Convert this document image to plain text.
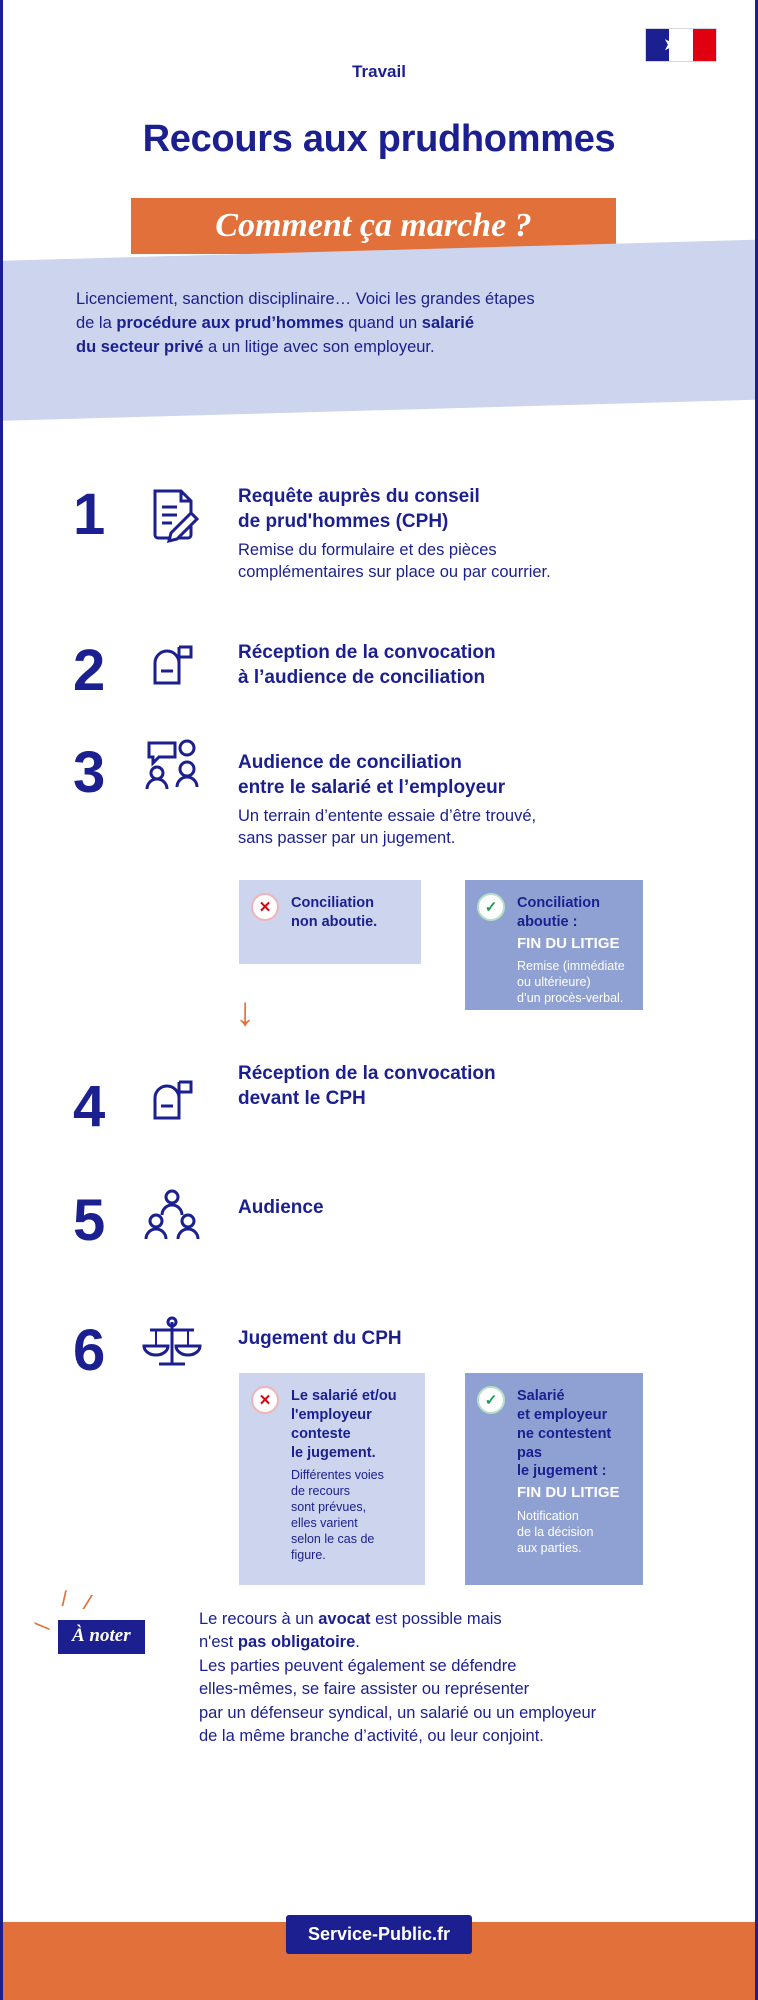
➤
Travail
Recours aux prudhommes
Comment ça marche ?
Licenciement, sanction disciplinaire… Voici les grandes étapes
de la procédure aux prud’hommes quand un salarié
du secteur privé a un litige avec son employeur.
1	Requête auprès du conseil
de prud'hommes (CPH)
Remise du formulaire et des pièces
complémentaires sur place ou par courrier.
2	Réception de la convocation
à l’audience de conciliation
3	Audience de conciliation
entre le salarié et l’employeur
Un terrain d’entente essaie d’être trouvé,
sans passer par un jugement.
✕	Conciliation
non aboutie.
✓	Conciliation
aboutie :
FIN DU LITIGE
Remise (immédiate
ou ultérieure)
d’un procès-verbal.
↓
4
Réception de la convocation
devant le CPH
5	Audience
6	Jugement du CPH
✕	Le salarié et/ou
l'employeur
conteste
le jugement.
Différentes voies
de recours
sont prévues,
elles varient
selon le cas de figure.
✓	Salarié
et employeur
ne contestent pas
le jugement :
FIN DU LITIGE
Notification
de la décision
aux parties.
⁄ ⁄
⁄	À noter
Le recours à un avocat est possible mais
n'est pas obligatoire.
Les parties peuvent également se défendre
elles-mêmes, se faire assister ou représenter
par un défenseur syndical, un salarié ou un employeur
de la même branche d’activité, ou leur conjoint.
Service-Public.fr
